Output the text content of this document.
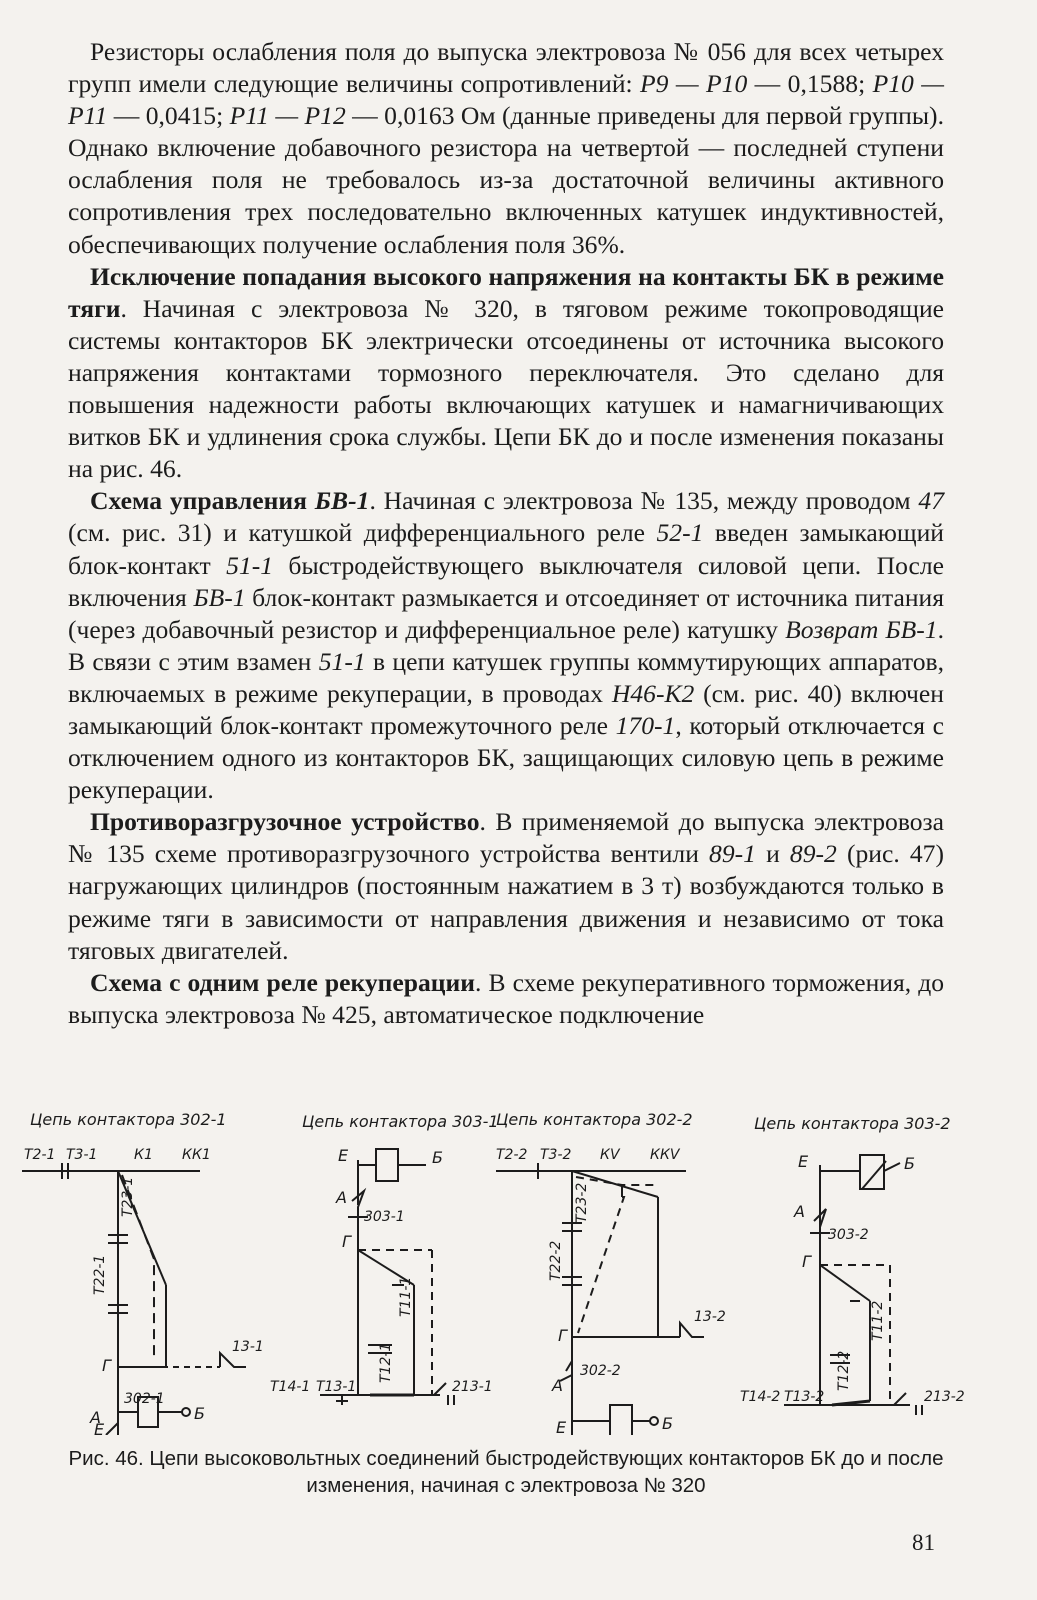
Резисторы ослабления поля до выпуска электровоза № 056 для всех четырех групп имели следующие величины сопротивлений: Р9 — Р10 — 0,1588; Р10 — Р11 — 0,0415; Р11 — Р12 — 0,0163 Ом (данные приведены для первой группы). Однако включение добавочного резистора на четвертой — последней ступени ослабления поля не требовалось из-за достаточной величины активного сопротивления трех последовательно включенных катушек индуктивностей, обеспечивающих получение ослабления поля 36%.

Исключение попадания высокого напряжения на контакты БК в режиме тяги. Начиная с электровоза № 320, в тяговом режиме токопроводящие системы контакторов БК электрически отсоединены от источника высокого напряжения контактами тормозного переключателя. Это сделано для повышения надежности работы включающих катушек и намагничивающих витков БК и удлинения срока службы. Цепи БК до и после изменения показаны на рис. 46.

Схема управления БВ-1. Начиная с электровоза № 135, между проводом 47 (см. рис. 31) и катушкой дифференциального реле 52-1 введен замыкающий блок-контакт 51-1 быстродействующего выключателя силовой цепи. После включения БВ-1 блок-контакт размыкается и отсоединяет от источника питания (через добавочный резистор и дифференциальное реле) катушку Возврат БВ-1. В связи с этим взамен 51-1 в цепи катушек группы коммутирующих аппаратов, включаемых в режиме рекуперации, в проводах Н46-К2 (см. рис. 40) включен замыкающий блок-контакт промежуточного реле 170-1, который отключается с отключением одного из контакторов БК, защищающих силовую цепь в режиме рекуперации.

Противоразгрузочное устройство. В применяемой до выпуска электровоза № 135 схеме противоразгрузочного устройства вентили 89-1 и 89-2 (рис. 47) нагружающих цилиндров (постоянным нажатием в 3 т) возбуждаются только в режиме тяги в зависимости от направления движения и независимо от тока тяговых двигателей.

Схема с одним реле рекуперации. В схеме рекуперативного торможения, до выпуска электровоза № 425, автоматическое подключение

Цепь контактора 302-1
Т2-1 Т3-1	К1 КК1
Т23-1
Т22-1
Г
13-1
А
302-1
Е
Б
Цепь контактора 303-1
Е	Б
А
303-1
Г
Т11-1
Т12-1
Т14-1 Т13-1	213-1
Цепь контактора 302-2
Т2-2 Т3-2 КV ККV
Т23-2
Т22-2
Г
13-2
А
302-2
Е	Б
Цепь контактора 303-2
Е	Б
А
303-2
Г
Т11-2
Т12-2
Т14-2 Т13-2	213-2
Рис. 46. Цепи высоковольтных соединений быстродействующих контакторов БК до и после изменения, начиная с электровоза № 320
81
